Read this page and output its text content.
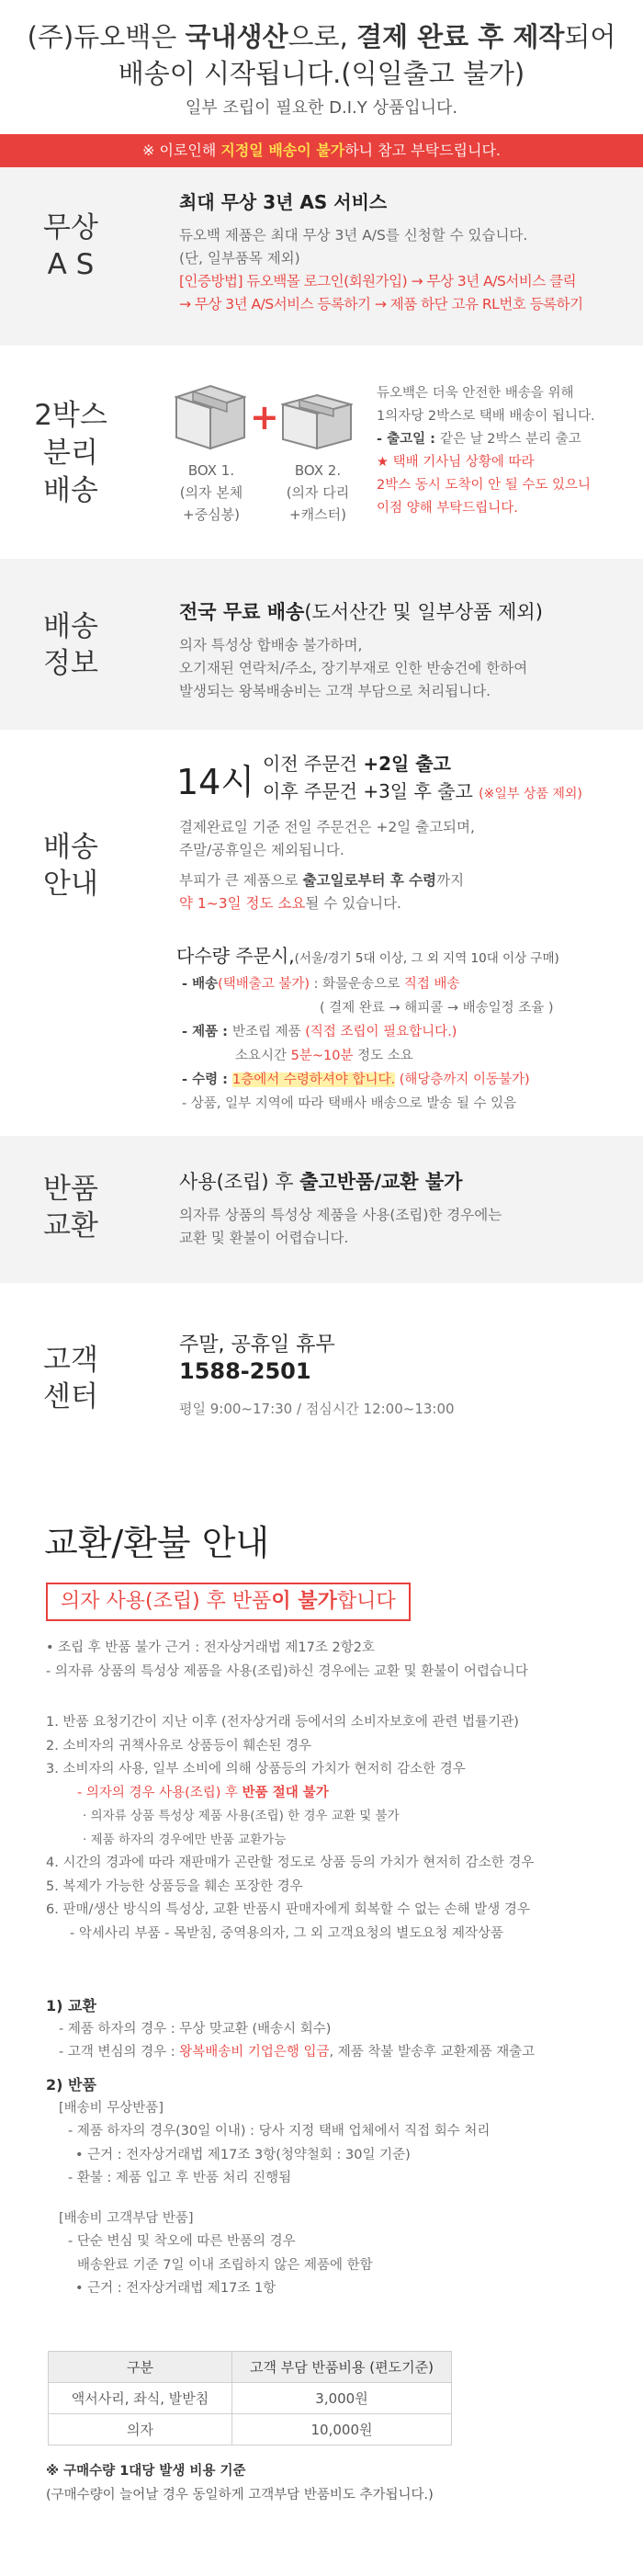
(주)듀오백은 국내생산으로, 결제 완료 후 제작되어
배송이 시작됩니다.(익일출고 불가)
일부 조립이 필요한 D.I.Y 상품입니다.
※ 이로인해 지정일 배송이 불가하니 참고 부탁드립니다.
무상
A S
최대 무상 3년 AS 서비스
듀오백 제품은 최대 무상 3년 A/S를 신청할 수 있습니다.
(단, 일부품목 제외)
[인증방법] 듀오백몰 로그인(회원가입) → 무상 3년 A/S서비스 클릭
→ 무상 3년 A/S서비스 등록하기 → 제품 하단 고유 RL번호 등록하기
2박스
분리
배송
+
BOX 1.
(의자 본체
+중심봉)
BOX 2.
(의자 다리
+캐스터)
듀오백은 더욱 안전한 배송을 위해
1의자당 2박스로 택배 배송이 됩니다.
- 출고일 : 같은 날 2박스 분리 출고
★ 택배 기사님 상황에 따라
2박스 동시 도착이 안 될 수도 있으니
이점 양해 부탁드립니다.
배송
정보
전국 무료 배송(도서산간 및 일부상품 제외)
의자 특성상 합배송 불가하며,
오기재된 연락처/주소, 장기부재로 인한 반송건에 한하여
발생되는 왕복배송비는 고객 부담으로 처리됩니다.
배송
안내
14시 이전 주문건 +2일 출고
이후 주문건 +3일 후 출고 (※일부 상품 제외)
결제완료일 기준 전일 주문건은 +2일 출고되며,
주말/공휴일은 제외됩니다.
부피가 큰 제품으로 출고일로부터 후 수령까지
약 1~3일 정도 소요될 수 있습니다.
다수량 주문시,(서울/경기 5대 이상, 그 외 지역 10대 이상 구매)
- 배송(택배출고 불가) : 화물운송으로 직접 배송
( 결제 완료 → 해피콜 → 배송일정 조율 )
- 제품 : 반조립 제품 (직접 조립이 필요합니다.)
소요시간 5분~10분 정도 소요
- 수령 : 1층에서 수령하셔야 합니다. (해당층까지 이동불가)
- 상품, 일부 지역에 따라 택배사 배송으로 발송 될 수 있음
반품
교환
사용(조립) 후 출고반품/교환 불가
의자류 상품의 특성상 제품을 사용(조립)한 경우에는
교환 및 환불이 어렵습니다.
고객
센터
주말, 공휴일 휴무
1588-2501
평일 9:00~17:30 / 점심시간 12:00~13:00
교환/환불 안내
의자 사용(조립) 후 반품이 불가합니다
• 조립 후 반품 불가 근거 : 전자상거래법 제17조 2항2호
- 의자류 상품의 특성상 제품을 사용(조립)하신 경우에는 교환 및 환불이 어렵습니다
1. 반품 요청기간이 지난 이후 (전자상거래 등에서의 소비자보호에 관련 법률기관)
2. 소비자의 귀책사유로 상품등이 훼손된 경우
3. 소비자의 사용, 일부 소비에 의해 상품등의 가치가 현저히 감소한 경우
- 의자의 경우 사용(조립) 후 반품 절대 불가
· 의자류 상품 특성상 제품 사용(조립) 한 경우 교환 및 불가
· 제품 하자의 경우에만 반품 교환가능
4. 시간의 경과에 따라 재판매가 곤란할 정도로 상품 등의 가치가 현저히 감소한 경우
5. 복제가 가능한 상품등을 훼손 포장한 경우
6. 판매/생산 방식의 특성상, 교환 반품시 판매자에게 회복할 수 없는 손해 발생 경우
- 악세사리 부품 - 목받침, 중역용의자, 그 외 고객요청의 별도요청 제작상품
1) 교환
- 제품 하자의 경우 : 무상 맞교환 (배송시 회수)
- 고객 변심의 경우 : 왕복배송비 기업은행 입금, 제품 착불 발송후 교환제품 재출고
2) 반품
[배송비 무상반품]
- 제품 하자의 경우(30일 이내) : 당사 지정 택배 업체에서 직접 회수 처리
• 근거 : 전자상거래법 제17조 3항(청약철회 : 30일 기준)
- 환불 : 제품 입고 후 반품 처리 진행됨
[배송비 고객부담 반품]
- 단순 변심 및 착오에 따른 반품의 경우
배송완료 기준 7일 이내 조립하지 않은 제품에 한함
• 근거 : 전자상거래법 제17조 1항
구분	고객 부담 반품비용 (편도기준)
액서사리, 좌식, 발받침	3,000원
의자	10,000원
※ 구매수량 1대당 발생 비용 기준
(구매수량이 늘어날 경우 동일하게 고객부담 반품비도 추가됩니다.)
